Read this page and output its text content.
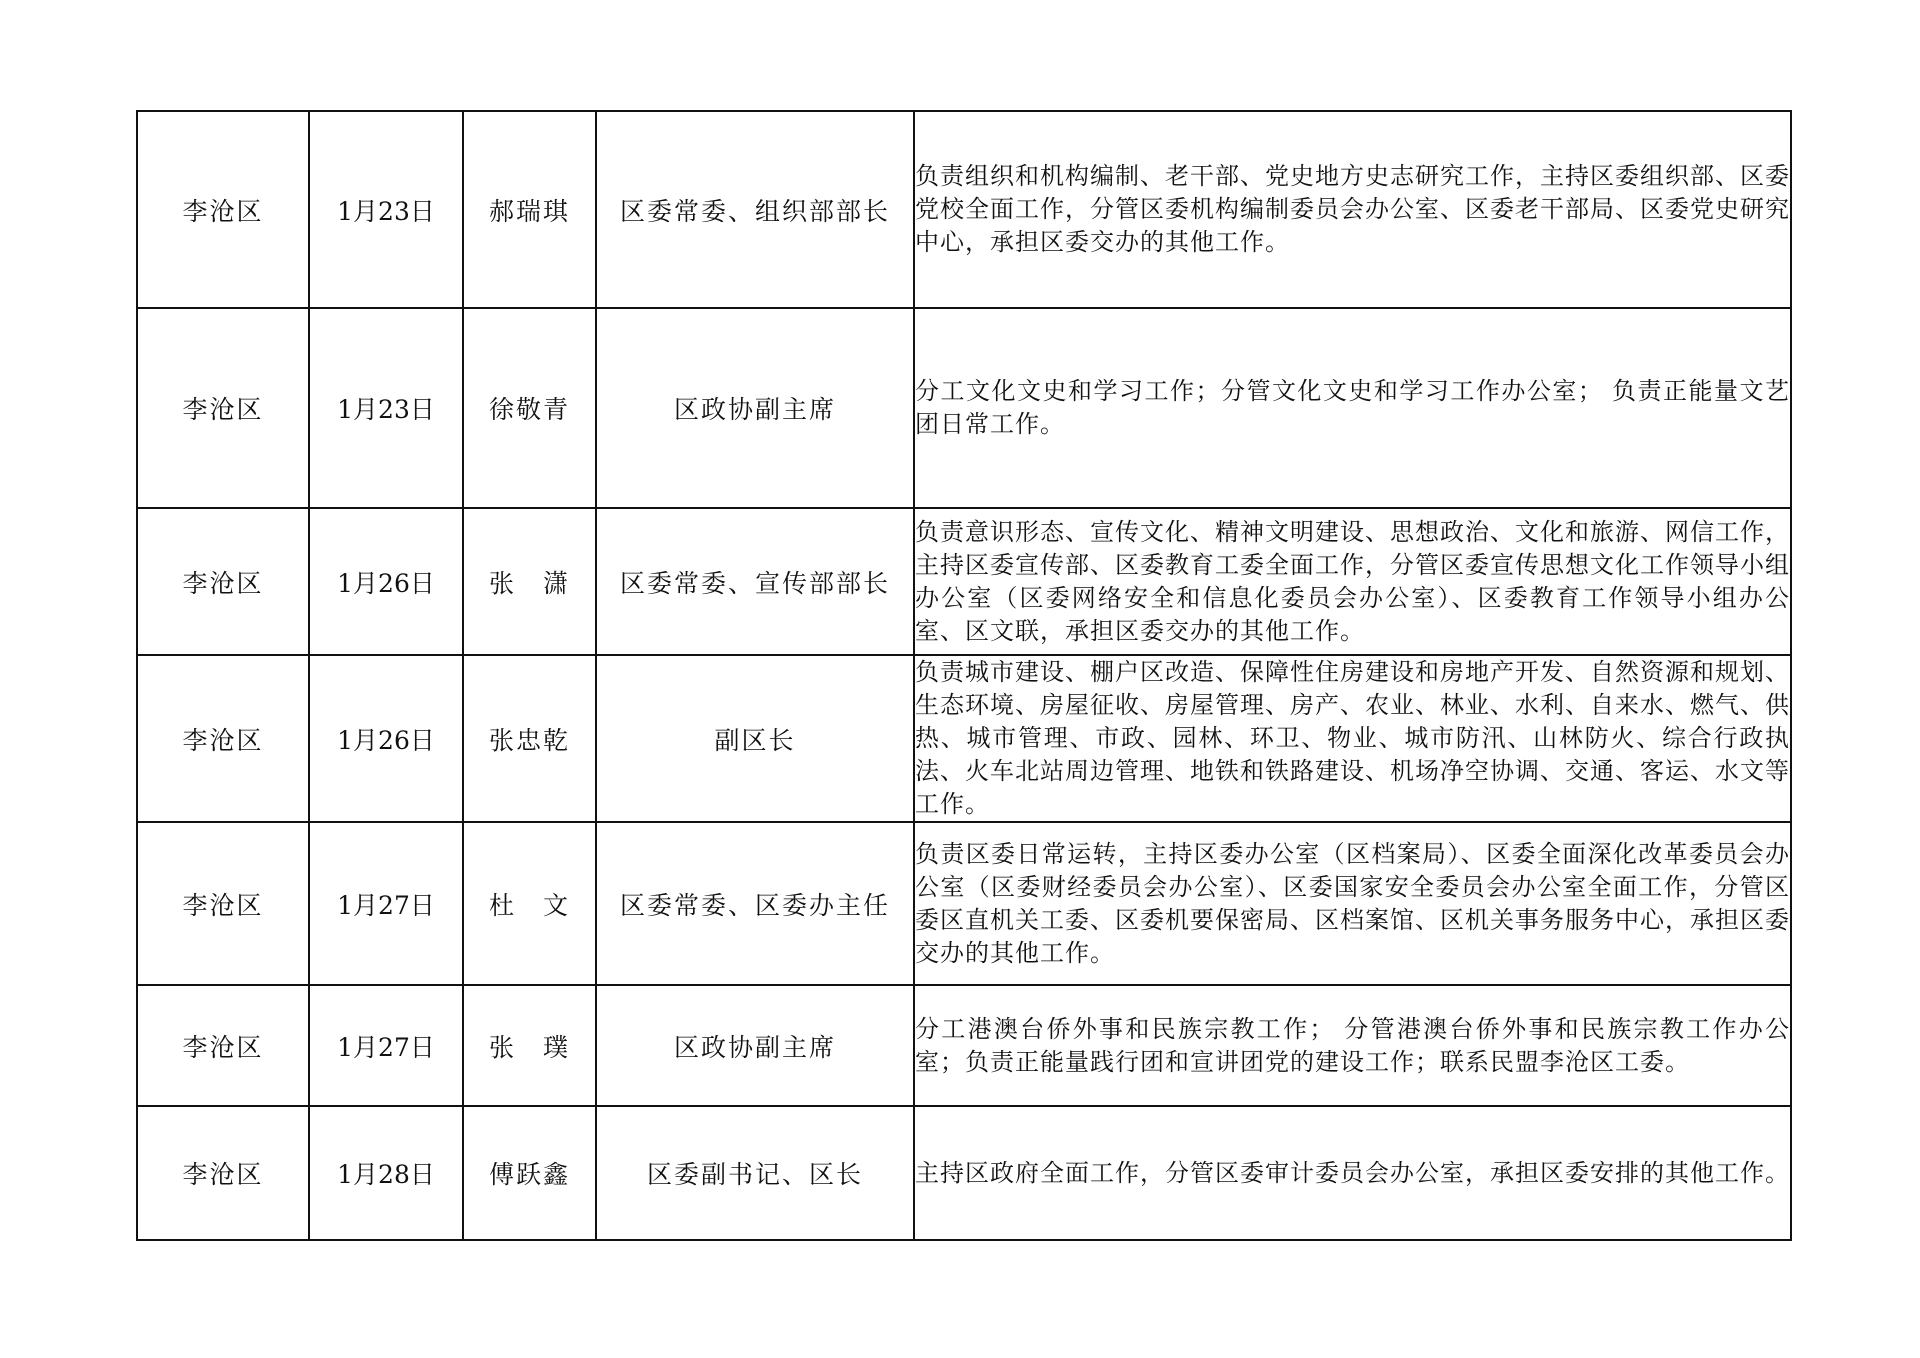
李沧区	1月23日	郝瑞琪	区委常委、组织部部长	负责组织和机构编制、老干部、党史地方史志研究工作，主持区委组织部、区委党校全面工作，分管区委机构编制委员会办公室、区委老干部局、区委党史研究中心，承担区委交办的其他工作。
李沧区	1月23日	徐敬青	区政协副主席	分工文化文史和学习工作；分管文化文史和学习工作办公室； 负责正能量文艺团日常工作。
李沧区	1月26日	张　潇	区委常委、宣传部部长	负责意识形态、宣传文化、精神文明建设、思想政治、文化和旅游、网信工作，主持区委宣传部、区委教育工委全面工作，分管区委宣传思想文化工作领导小组办公室（区委网络安全和信息化委员会办公室）、区委教育工作领导小组办公室、区文联，承担区委交办的其他工作。
李沧区	1月26日	张忠乾	副区长	负责城市建设、棚户区改造、保障性住房建设和房地产开发、自然资源和规划、生态环境、房屋征收、房屋管理、房产、农业、林业、水利、自来水、燃气、供热、城市管理、市政、园林、环卫、物业、城市防汛、山林防火、综合行政执法、火车北站周边管理、地铁和铁路建设、机场净空协调、交通、客运、水文等工作。
李沧区	1月27日	杜　文	区委常委、区委办主任	负责区委日常运转，主持区委办公室（区档案局）、区委全面深化改革委员会办公室（区委财经委员会办公室）、区委国家安全委员会办公室全面工作，分管区委区直机关工委、区委机要保密局、区档案馆、区机关事务服务中心，承担区委交办的其他工作。
李沧区	1月27日	张　璞	区政协副主席	分工港澳台侨外事和民族宗教工作； 分管港澳台侨外事和民族宗教工作办公室；负责正能量践行团和宣讲团党的建设工作；联系民盟李沧区工委。
李沧区	1月28日	傅跃鑫	区委副书记、区长	主持区政府全面工作，分管区委审计委员会办公室，承担区委安排的其他工作。
